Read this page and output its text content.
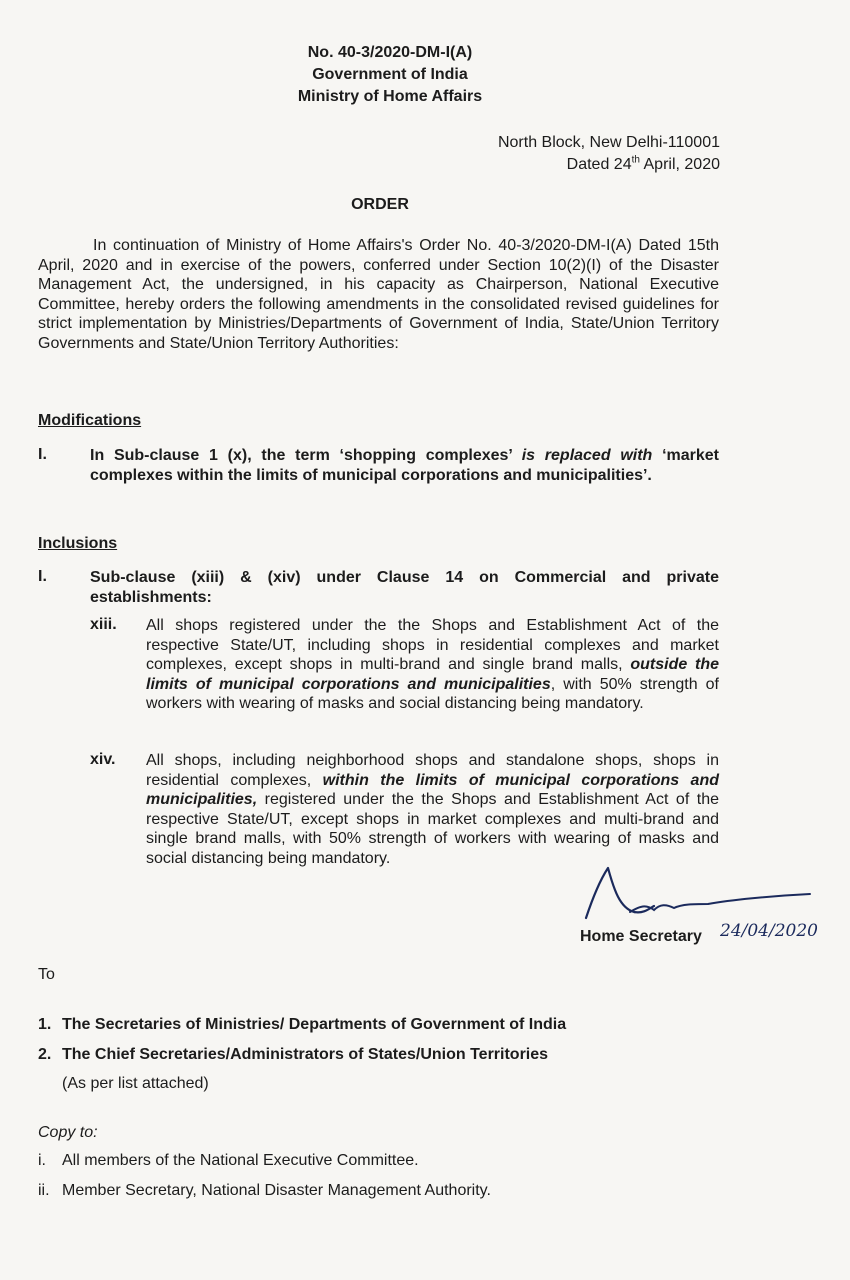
No. 40-3/2020-DM-I(A)
Government of India
Ministry of Home Affairs
North Block, New Delhi-110001
Dated 24th April, 2020
ORDER
In continuation of Ministry of Home Affairs's Order No. 40-3/2020-DM-I(A) Dated 15th April, 2020 and in exercise of the powers, conferred under Section 10(2)(I) of the Disaster Management Act, the undersigned, in his capacity as Chairperson, National Executive Committee, hereby orders the following amendments in the consolidated revised guidelines for strict implementation by Ministries/Departments of Government of India, State/Union Territory Governments and State/Union Territory Authorities:
Modifications
I.	In Sub-clause 1 (x), the term ‘shopping complexes’ is replaced with ‘market complexes within the limits of municipal corporations and municipalities’.
Inclusions
I.	Sub-clause (xiii) & (xiv) under Clause 14 on Commercial and private establishments:
xiii. All shops registered under the the Shops and Establishment Act of the respective State/UT, including shops in residential complexes and market complexes, except shops in multi-brand and single brand malls, outside the limits of municipal corporations and municipalities, with 50% strength of workers with wearing of masks and social distancing being mandatory.
xiv. All shops, including neighborhood shops and standalone shops, shops in residential complexes, within the limits of municipal corporations and municipalities, registered under the the Shops and Establishment Act of the respective State/UT, except shops in market complexes and multi-brand and single brand malls, with 50% strength of workers with wearing of masks and social distancing being mandatory.
24/04/2020
Home Secretary
To
1. The Secretaries of Ministries/ Departments of Government of India
2. The Chief Secretaries/Administrators of States/Union Territories
(As per list attached)
Copy to:
i. All members of the National Executive Committee.
ii. Member Secretary, National Disaster Management Authority.
